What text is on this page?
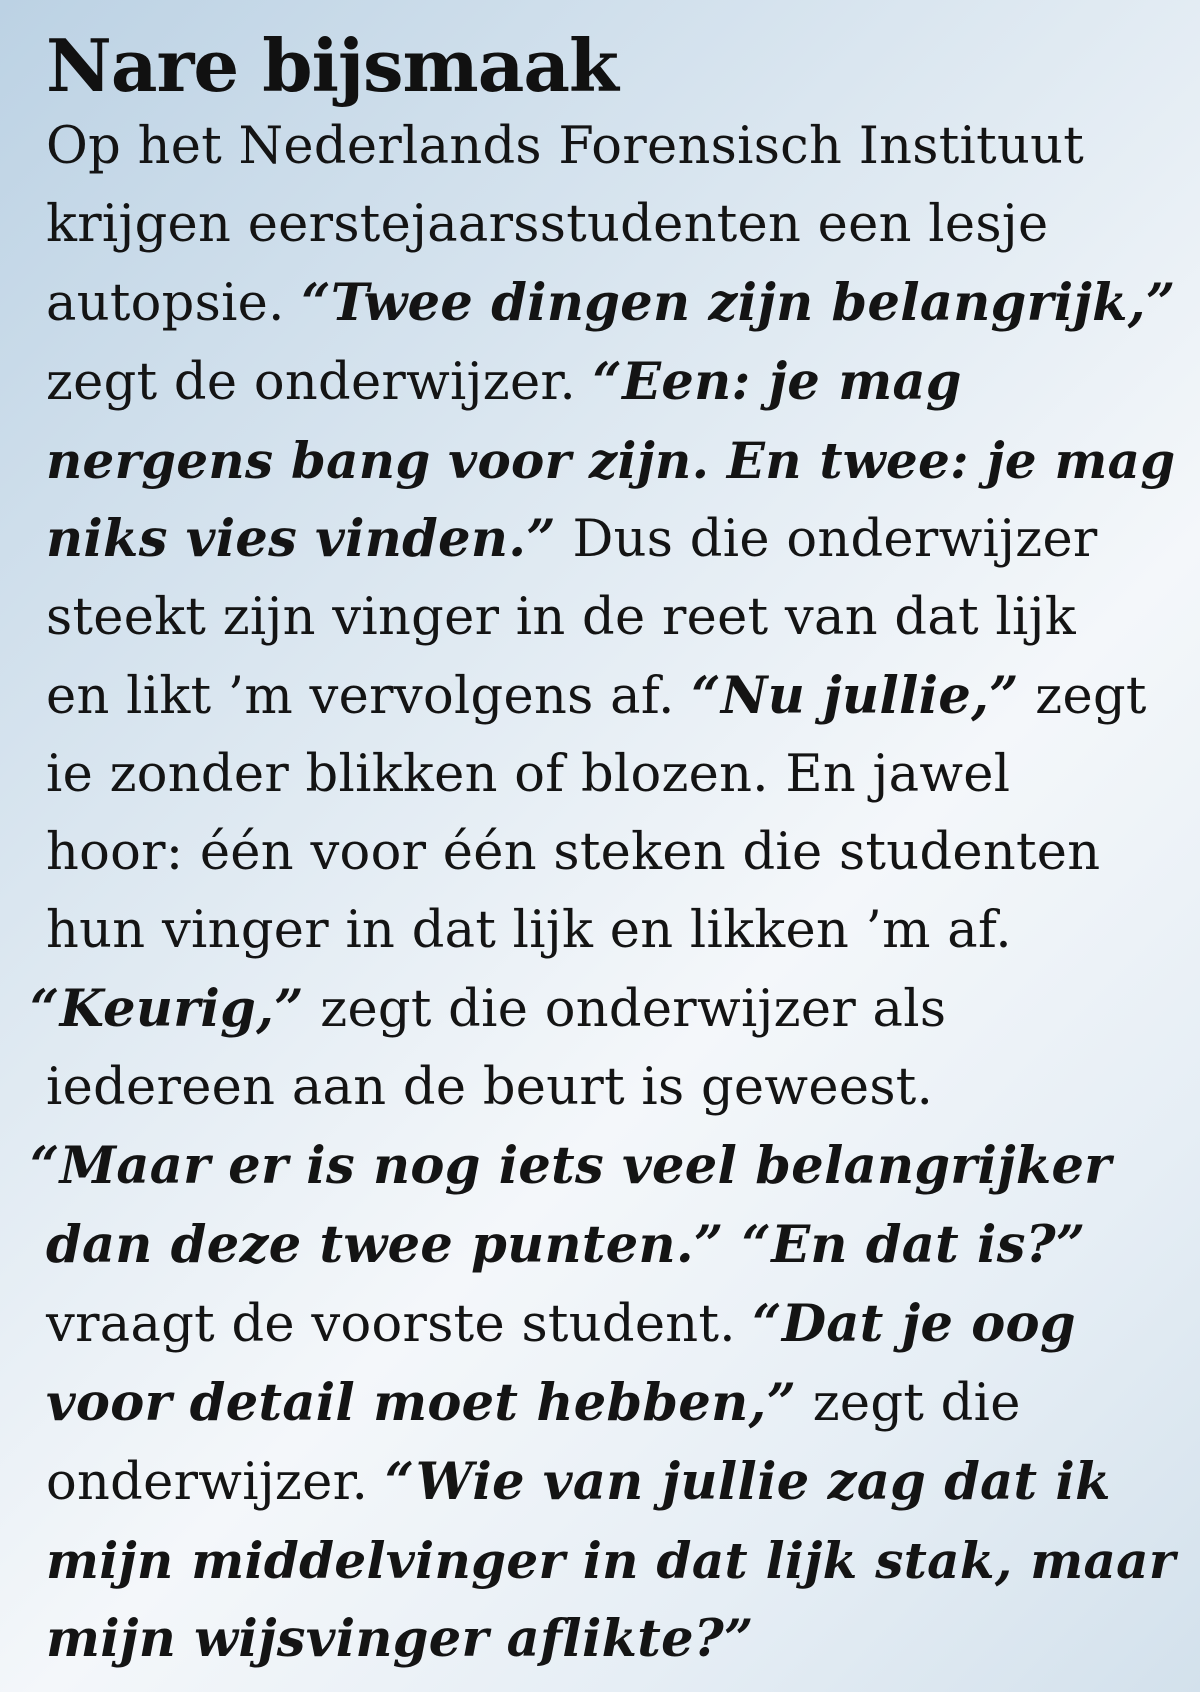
Nare bijsmaak
Op het Nederlands Forensisch Instituut
krijgen eerstejaarsstudenten een lesje
autopsie. “Twee dingen zijn belangrijk,”
zegt de onderwijzer. “Een: je mag
nergens bang voor zijn. En twee: je mag
niks vies vinden.” Dus die onderwijzer
steekt zijn vinger in de reet van dat lijk
en likt ’m vervolgens af. “Nu jullie,” zegt
ie zonder blikken of blozen. En jawel
hoor: één voor één steken die studenten
hun vinger in dat lijk en likken ’m af.
“Keurig,” zegt die onderwijzer als
iedereen aan de beurt is geweest.
“Maar er is nog iets veel belangrijker
dan deze twee punten.” “En dat is?”
vraagt de voorste student. “Dat je oog
voor detail moet hebben,” zegt die
onderwijzer. “Wie van jullie zag dat ik
mijn middelvinger in dat lijk stak, maar
mijn wijsvinger aflikte?”
